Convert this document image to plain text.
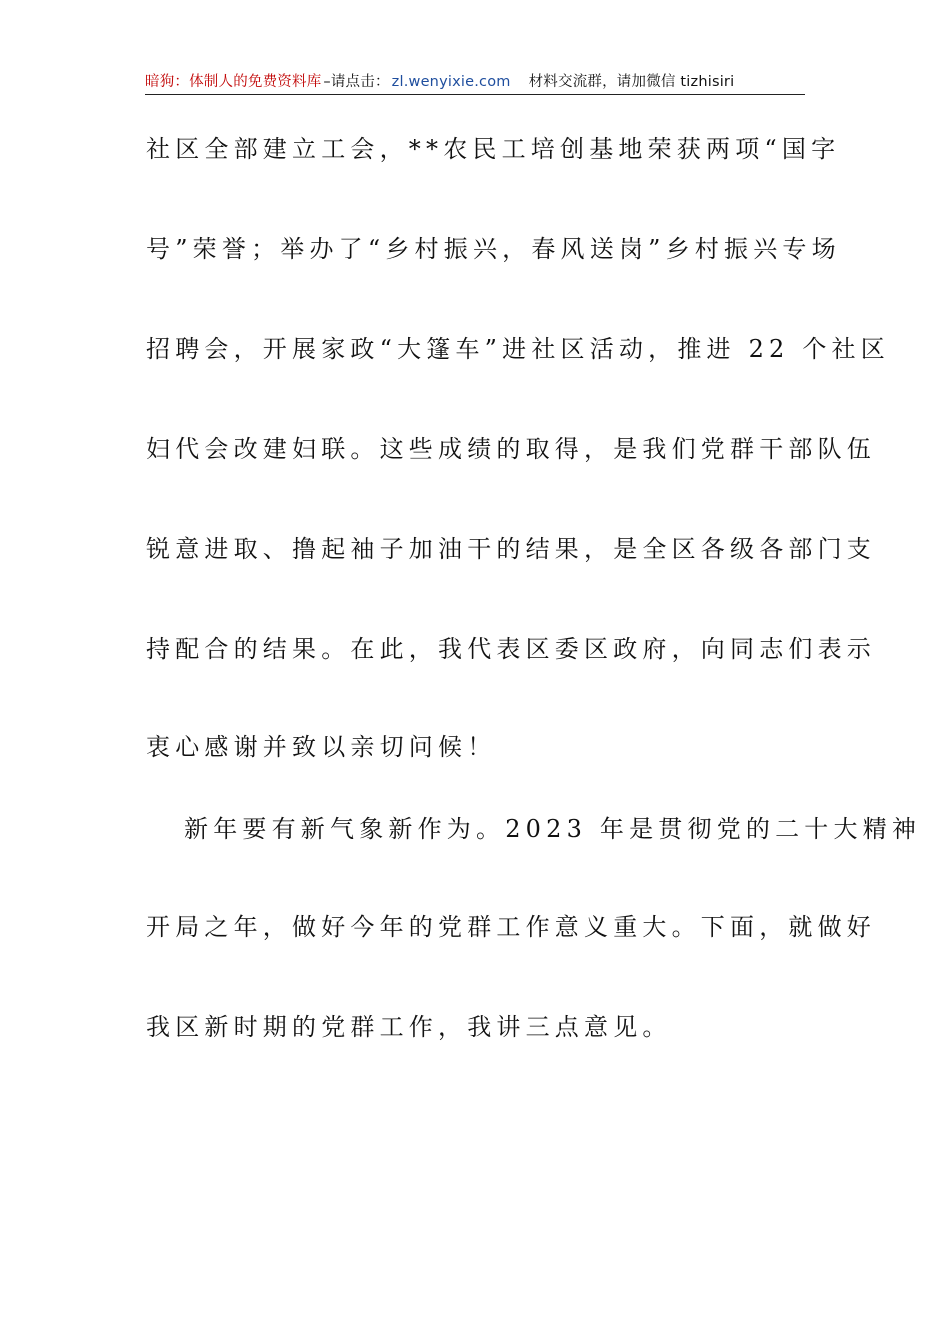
暗狗：体制人的免费资料库 –请点击： zl.wenyixie.com 材料交流群，请加微信 tizhisiri
社区全部建立工会，**农民工培创基地荣获两项“国字
号”荣誉；举办了“乡村振兴，春风送岗”乡村振兴专场
招聘会，开展家政“大篷车”进社区活动，推进 22 个社区
妇代会改建妇联。这些成绩的取得，是我们党群干部队伍
锐意进取、撸起袖子加油干的结果，是全区各级各部门支
持配合的结果。在此，我代表区委区政府，向同志们表示
衷心感谢并致以亲切问候！
新年要有新气象新作为。2023 年是贯彻党的二十大精神
开局之年，做好今年的党群工作意义重大。下面，就做好
我区新时期的党群工作，我讲三点意见。
